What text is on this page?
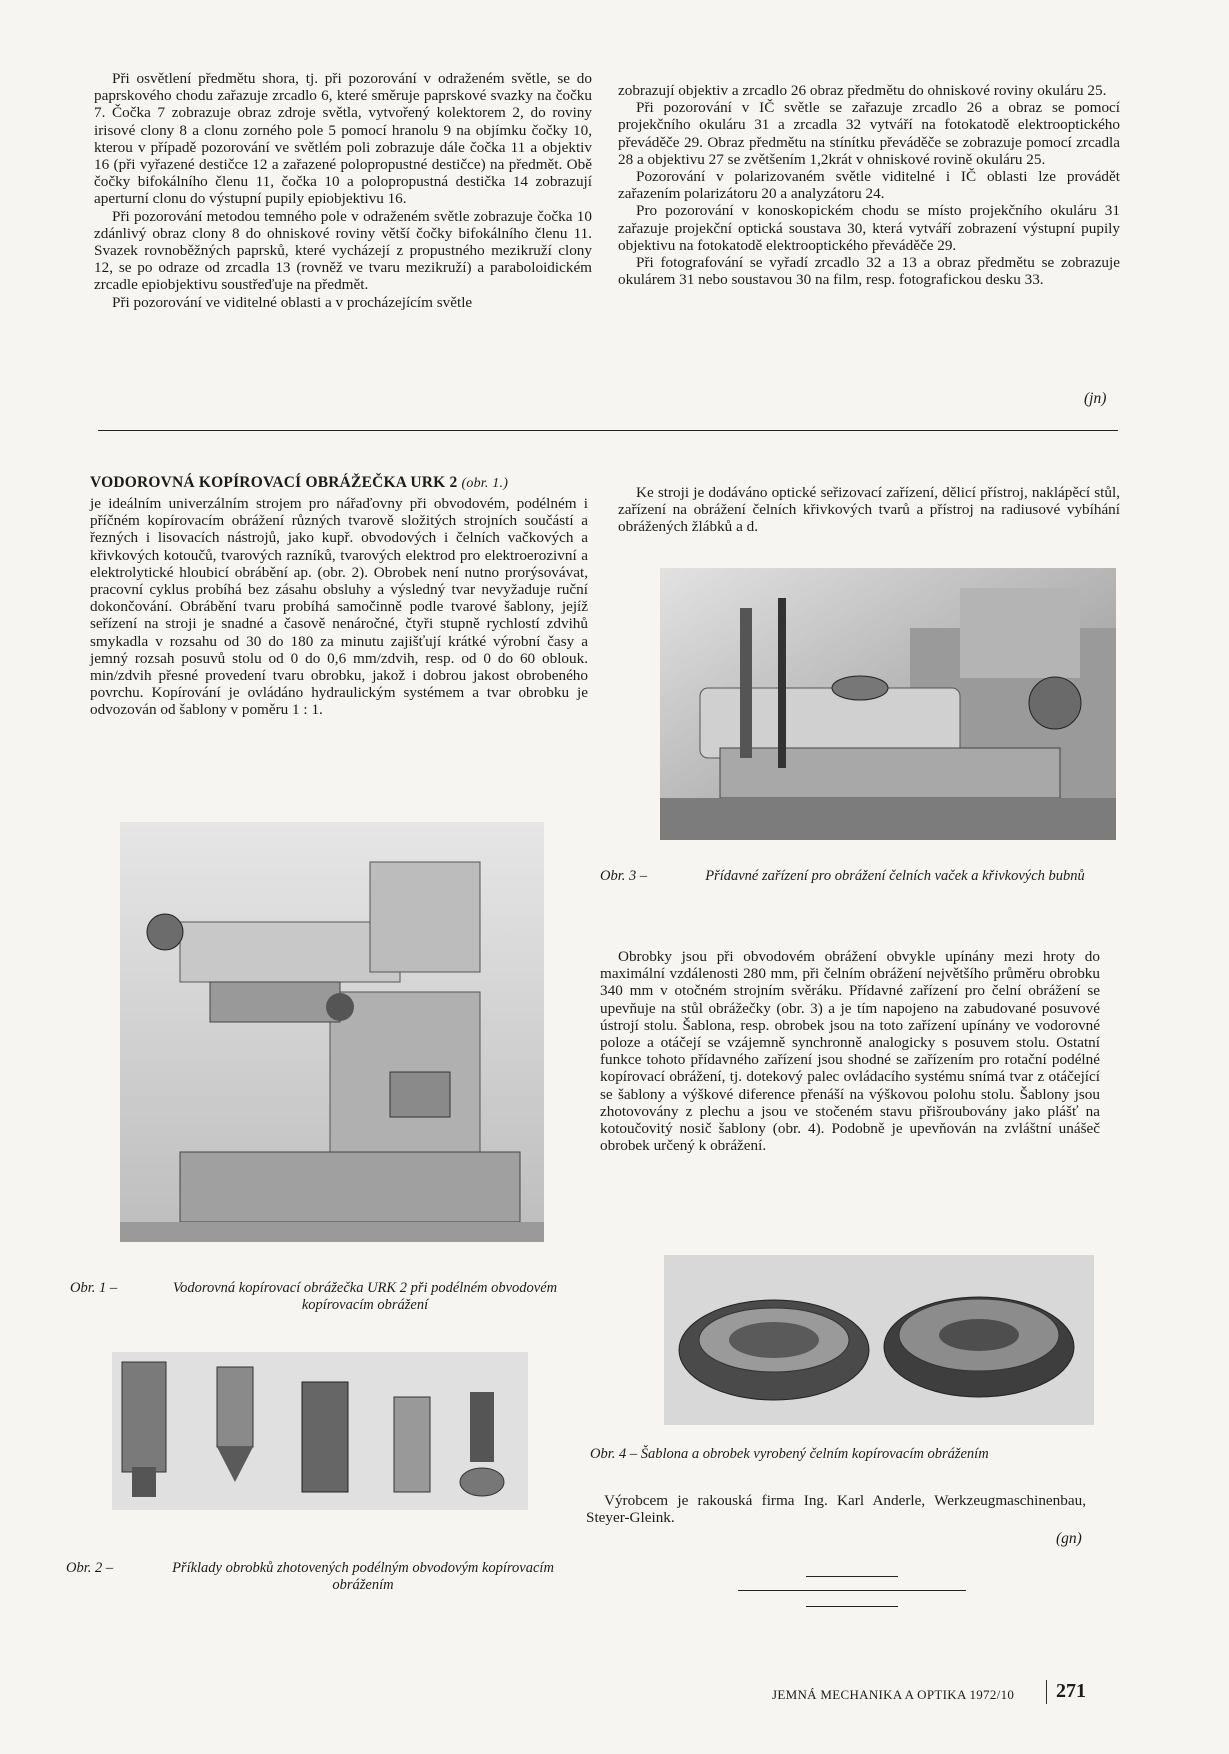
Při osvětlení předmětu shora, tj. při pozorování v odraženém světle, se do paprskového chodu zařazuje zrcadlo 6, které směruje paprskové svazky na čočku 7. Čočka 7 zobrazuje obraz zdroje světla, vytvořený kolektorem 2, do roviny irisové clony 8 a clonu zorného pole 5 pomocí hranolu 9 na objímku čočky 10, kterou v případě pozorování ve světlém poli zobrazuje dále čočka 11 a objektiv 16 (při vyřazené destičce 12 a zařazené polopropustné destičce) na předmět. Obě čočky bifokálního členu 11, čočka 10 a polopropustná destička 14 zobrazují aperturní clonu do výstupní pupily epiobjektivu 16.

Při pozorování metodou temného pole v odraženém světle zobrazuje čočka 10 zdánlivý obraz clony 8 do ohniskové roviny větší čočky bifokálního členu 11. Svazek rovnoběžných paprsků, které vycházejí z propustného mezikruží clony 12, se po odraze od zrcadla 13 (rovněž ve tvaru mezikruží) a paraboloidickém zrcadle epiobjektivu soustřeďuje na předmět.

Při pozorování ve viditelné oblasti a v procházejícím světle

zobrazují objektiv a zrcadlo 26 obraz předmětu do ohniskové roviny okuláru 25.

Při pozorování v IČ světle se zařazuje zrcadlo 26 a obraz se pomocí projekčního okuláru 31 a zrcadla 32 vytváří na fotokatodě elektrooptického převáděče 29. Obraz předmětu na stínítku převáděče se zobrazuje pomocí zrcadla 28 a objektivu 27 se zvětšením 1,2krát v ohniskové rovině okuláru 25.

Pozorování v polarizovaném světle viditelné i IČ oblasti lze provádět zařazením polarizátoru 20 a analyzátoru 24.

Pro pozorování v konoskopickém chodu se místo projekčního okuláru 31 zařazuje projekční optická soustava 30, která vytváří zobrazení výstupní pupily objektivu na fotokatodě elektrooptického převáděče 29.

Při fotografování se vyřadí zrcadlo 32 a 13 a obraz předmětu se zobrazuje okulárem 31 nebo soustavou 30 na film, resp. fotografickou desku 33.

(jn)
VODOROVNÁ KOPÍROVACÍ OBRÁŽEČKA URK 2 (obr. 1.)

je ideálním univerzálním strojem pro nářaďovny při obvodovém, podélném i příčném kopírovacím obrážení různých tvarově složitých strojních součástí a řezných i lisovacích nástrojů, jako kupř. obvodových i čelních vačkových a křivkových kotoučů, tvarových razníků, tvarových elektrod pro elektroerozivní a elektrolytické hloubicí obrábění ap. (obr. 2). Obrobek není nutno prorýsovávat, pracovní cyklus probíhá bez zásahu obsluhy a výsledný tvar nevyžaduje ruční dokončování. Obrábění tvaru probíhá samočinně podle tvarové šablony, jejíž seřízení na stroji je snadné a časově nenáročné, čtyři stupně rychlostí zdvihů smykadla v rozsahu od 30 do 180 za minutu zajišťují krátké výrobní časy a jemný rozsah posuvů stolu od 0 do 0,6 mm/zdvih, resp. od 0 do 60 oblouk. min/zdvih přesné provedení tvaru obrobku, jakož i dobrou jakost obrobeného povrchu. Kopírování je ovládáno hydraulickým systémem a tvar obrobku je odvozován od šablony v poměru 1 : 1.

Ke stroji je dodáváno optické seřizovací zařízení, dělicí přístroj, naklápěcí stůl, zařízení na obrážení čelních křivkových tvarů a přístroj na radiusové vybíhání obrážených žlábků a d.

Obr. 3 –	Přídavné zařízení pro obrážení čelních vaček a křivkových bubnů
Obr. 1 –	Vodorovná kopírovací obrážečka URK 2 při podélném obvodovém kopírovacím obrážení

Obrobky jsou při obvodovém obrážení obvykle upínány mezi hroty do maximální vzdálenosti 280 mm, při čelním obrážení největšího průměru obrobku 340 mm v otočném strojním svěráku. Přídavné zařízení pro čelní obrážení se upevňuje na stůl obrážečky (obr. 3) a je tím napojeno na zabudované posuvové ústrojí stolu. Šablona, resp. obrobek jsou na toto zařízení upínány ve vodorovné poloze a otáčejí se vzájemně synchronně analogicky s posuvem stolu. Ostatní funkce tohoto přídavného zařízení jsou shodné se zařízením pro rotační podélné kopírovací obrážení, tj. dotekový palec ovládacího systému snímá tvar z otáčející se šablony a výškové diference přenáší na výškovou polohu stolu. Šablony jsou zhotovovány z plechu a jsou ve stočeném stavu přišroubovány jako plášť na kotoučovitý nosič šablony (obr. 4). Podobně je upevňován na zvláštní unášeč obrobek určený k obrážení.

Obr. 4 – Šablona a obrobek vyrobený čelním kopírovacím obrážením
Obr. 2 –	Příklady obrobků zhotovených podélným obvodovým kopírovacím obrážením

Výrobcem je rakouská firma Ing. Karl Anderle, Werkzeugmaschinenbau, Steyer-Gleink.

(gn)
JEMNÁ MECHANIKA A OPTIKA 1972/10 271
